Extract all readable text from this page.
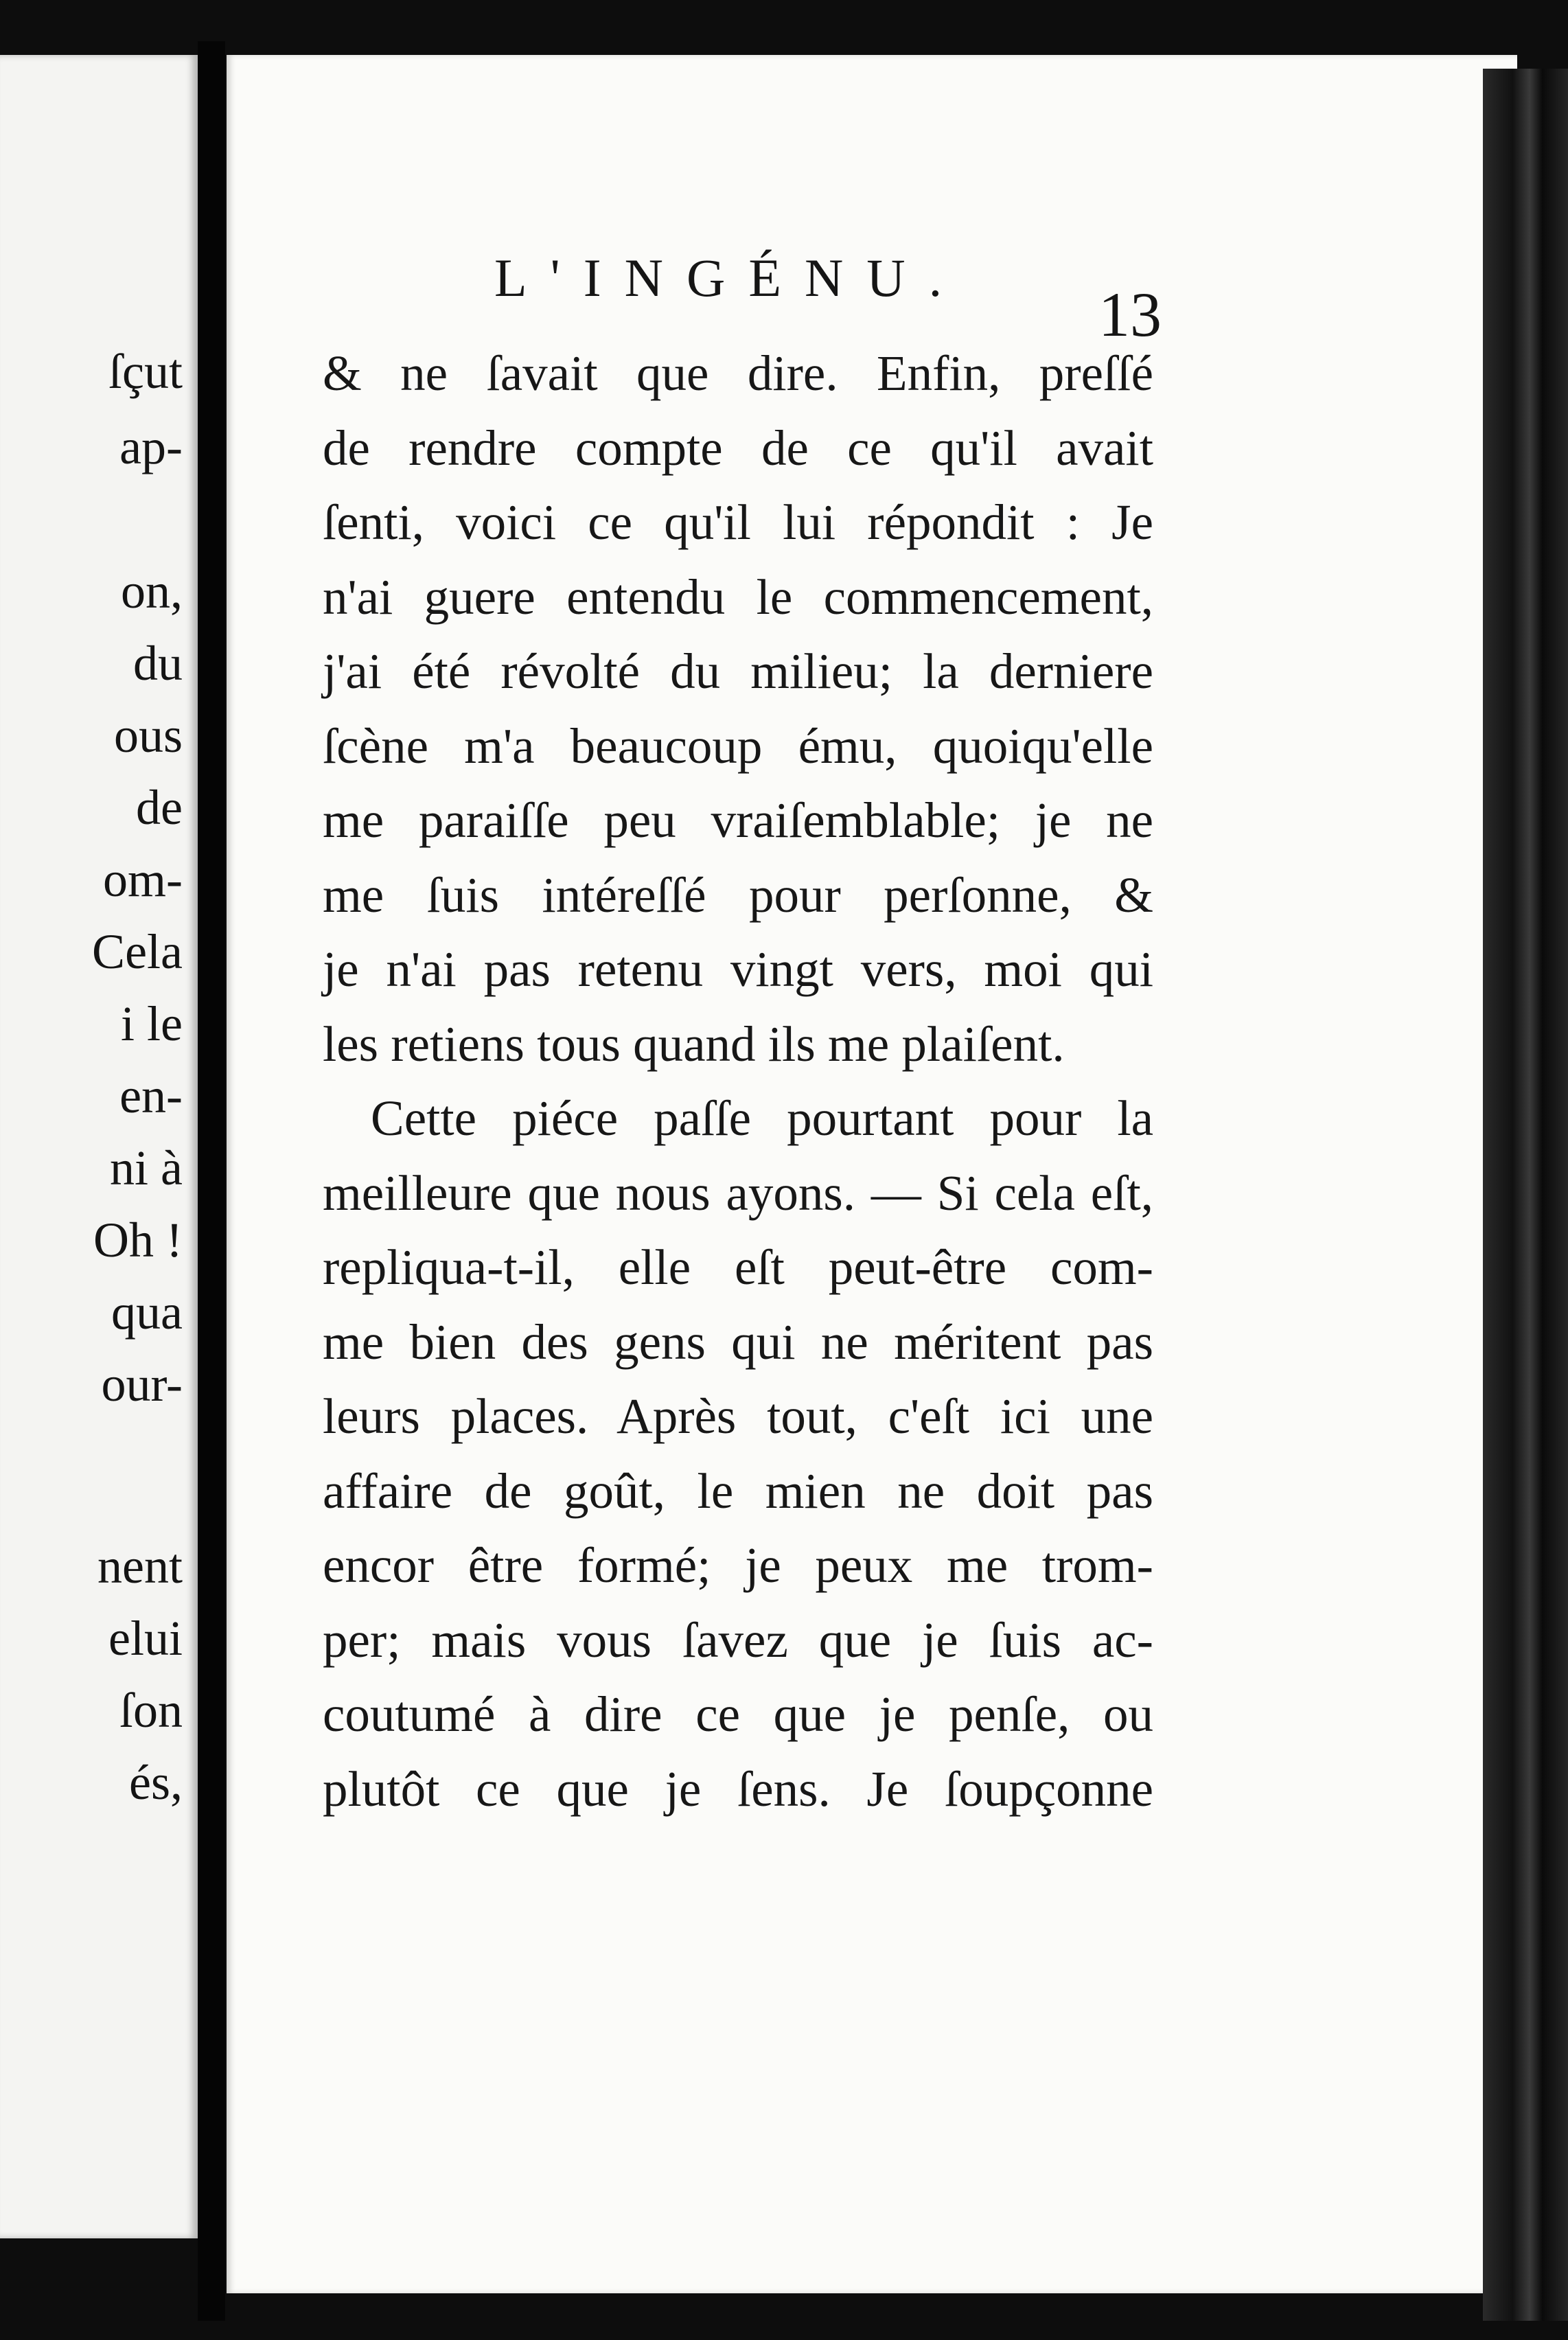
ſçut
ap-
on,
du
ous
de
om-
Cela
i le
en-
ni à
Oh !
qua
our-
nent
elui
ſon
és,
L'INGÉNU.
13
& ne ſavait que dire. Enfin, preſſé
de rendre compte de ce qu'il avait
ſenti, voici ce qu'il lui répondit : Je
n'ai guere entendu le commencement,
j'ai été révolté du milieu; la derniere
ſcène m'a beaucoup ému, quoiqu'elle
me paraiſſe peu vraiſemblable; je ne
me ſuis intéreſſé pour perſonne, &
je n'ai pas retenu vingt vers, moi qui
les retiens tous quand ils me plaiſent.
Cette piéce paſſe pourtant pour la
meilleure que nous ayons. — Si cela eſt,
repliqua-t-il, elle eſt peut-être com-
me bien des gens qui ne méritent pas
leurs places. Après tout, c'eſt ici une
affaire de goût, le mien ne doit pas
encor être formé; je peux me trom-
per; mais vous ſavez que je ſuis ac-
coutumé à dire ce que je penſe, ou
plutôt ce que je ſens. Je ſoupçonne
